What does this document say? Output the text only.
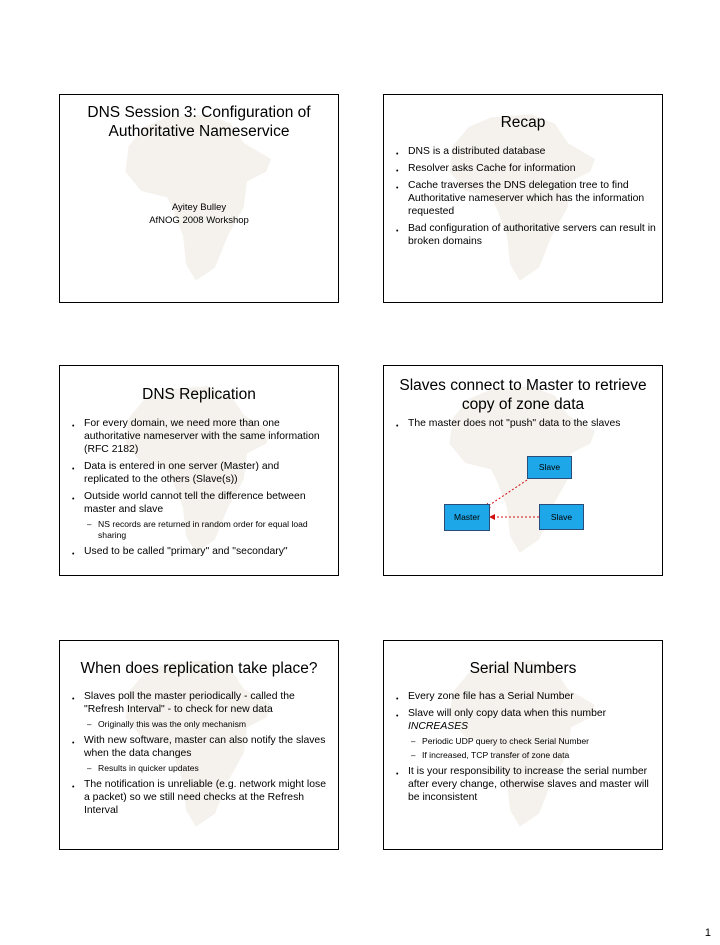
DNS Session 3: Configuration of Authoritative Nameservice
Ayitey Bulley
AfNOG 2008 Workshop
Recap
• DNS is a distributed database
• Resolver asks Cache for information
• Cache traverses the DNS delegation tree to find Authoritative nameserver which has the information requested
• Bad configuration of authoritative servers can result in broken domains
DNS Replication
• For every domain, we need more than one authoritative nameserver with the same information (RFC 2182)
• Data is entered in one server (Master) and replicated to the others (Slave(s))
• Outside world cannot tell the difference between master and slave
– NS records are returned in random order for equal load sharing
• Used to be called "primary" and "secondary"
Slaves connect to Master to retrieve copy of zone data
• The master does not "push" data to the slaves
Slave
Master	Slave
When does replication take place?
• Slaves poll the master periodically - called the "Refresh Interval" - to check for new data
– Originally this was the only mechanism
• With new software, master can also notify the slaves when the data changes
– Results in quicker updates
• The notification is unreliable (e.g. network might lose a packet) so we still need checks at the Refresh Interval
Serial Numbers
• Every zone file has a Serial Number
• Slave will only copy data when this number INCREASES
– Periodic UDP query to check Serial Number
– If increased, TCP transfer of zone data
• It is your responsibility to increase the serial number after every change, otherwise slaves and master will be inconsistent
1
